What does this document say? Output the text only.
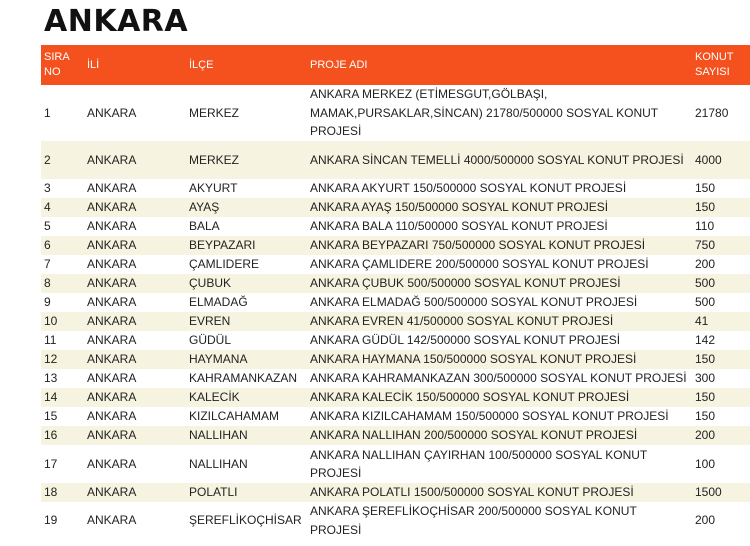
ANKARA
SIRA NO	İLİ	İLÇE	PROJE ADI	KONUT SAYISI
1	ANKARA	MERKEZ	ANKARA MERKEZ (ETİMESGUT,GÖLBAŞI, MAMAK,PURSAKLAR,SİNCAN) 21780/500000 SOSYAL KONUT PROJESİ	21780
2	ANKARA	MERKEZ	ANKARA SİNCAN TEMELLİ 4000/500000 SOSYAL KONUT PROJESİ	4000
3	ANKARA	AKYURT	ANKARA AKYURT 150/500000 SOSYAL KONUT PROJESİ	150
4	ANKARA	AYAŞ	ANKARA AYAŞ 150/500000 SOSYAL KONUT PROJESİ	150
5	ANKARA	BALA	ANKARA BALA 110/500000 SOSYAL KONUT PROJESİ	110
6	ANKARA	BEYPAZARI	ANKARA BEYPAZARI 750/500000 SOSYAL KONUT PROJESİ	750
7	ANKARA	ÇAMLIDERE	ANKARA ÇAMLIDERE 200/500000 SOSYAL KONUT PROJESİ	200
8	ANKARA	ÇUBUK	ANKARA ÇUBUK 500/500000 SOSYAL KONUT PROJESİ	500
9	ANKARA	ELMADAĞ	ANKARA ELMADAĞ 500/500000 SOSYAL KONUT PROJESİ	500
10	ANKARA	EVREN	ANKARA EVREN 41/500000 SOSYAL KONUT PROJESİ	41
11	ANKARA	GÜDÜL	ANKARA GÜDÜL 142/500000 SOSYAL KONUT PROJESİ	142
12	ANKARA	HAYMANA	ANKARA HAYMANA 150/500000 SOSYAL KONUT PROJESİ	150
13	ANKARA	KAHRAMANKAZAN	ANKARA KAHRAMANKAZAN 300/500000 SOSYAL KONUT PROJESİ	300
14	ANKARA	KALECİK	ANKARA KALECİK 150/500000 SOSYAL KONUT PROJESİ	150
15	ANKARA	KIZILCAHAMAM	ANKARA KIZILCAHAMAM 150/500000 SOSYAL KONUT PROJESİ	150
16	ANKARA	NALLIHAN	ANKARA NALLIHAN 200/500000 SOSYAL KONUT PROJESİ	200
17	ANKARA	NALLIHAN	ANKARA NALLIHAN ÇAYIRHAN 100/500000 SOSYAL KONUT PROJESİ	100
18	ANKARA	POLATLI	ANKARA POLATLI 1500/500000 SOSYAL KONUT PROJESİ	1500
19	ANKARA	ŞEREFLİKOÇHİSAR	ANKARA ŞEREFLİKOÇHİSAR 200/500000 SOSYAL KONUT PROJESİ	200
